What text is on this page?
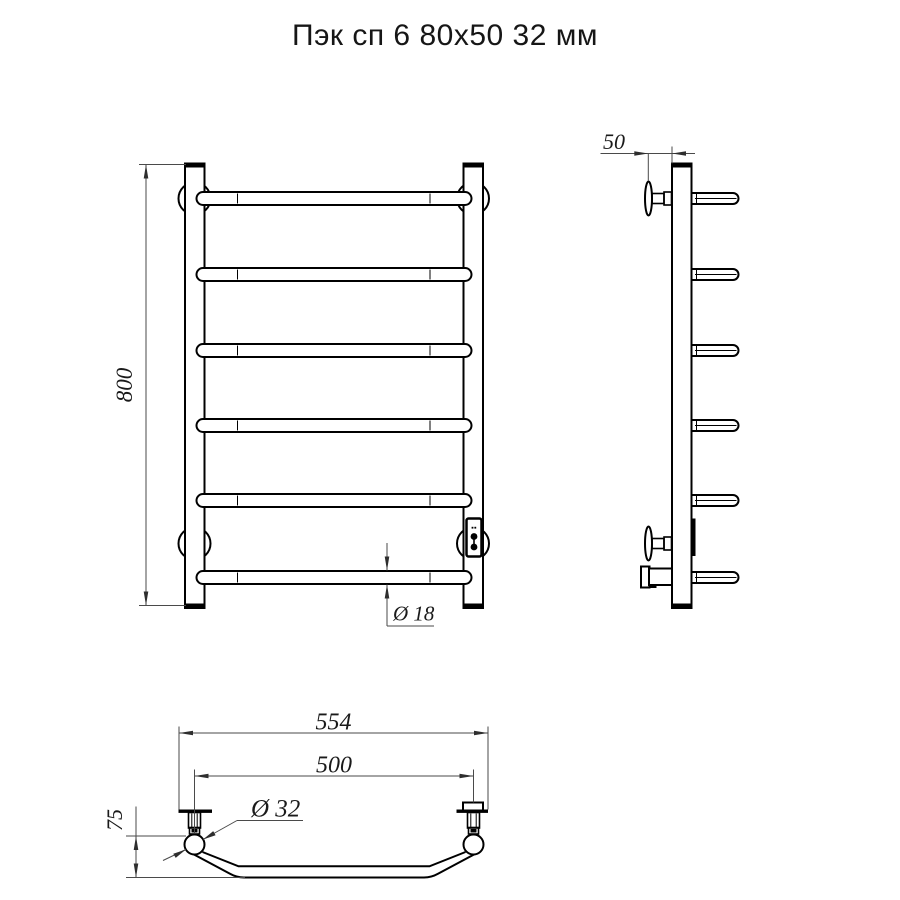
Пэк сп 6 80x50 32 мм
800
Ø 18
50
554
500
75	Ø 32
